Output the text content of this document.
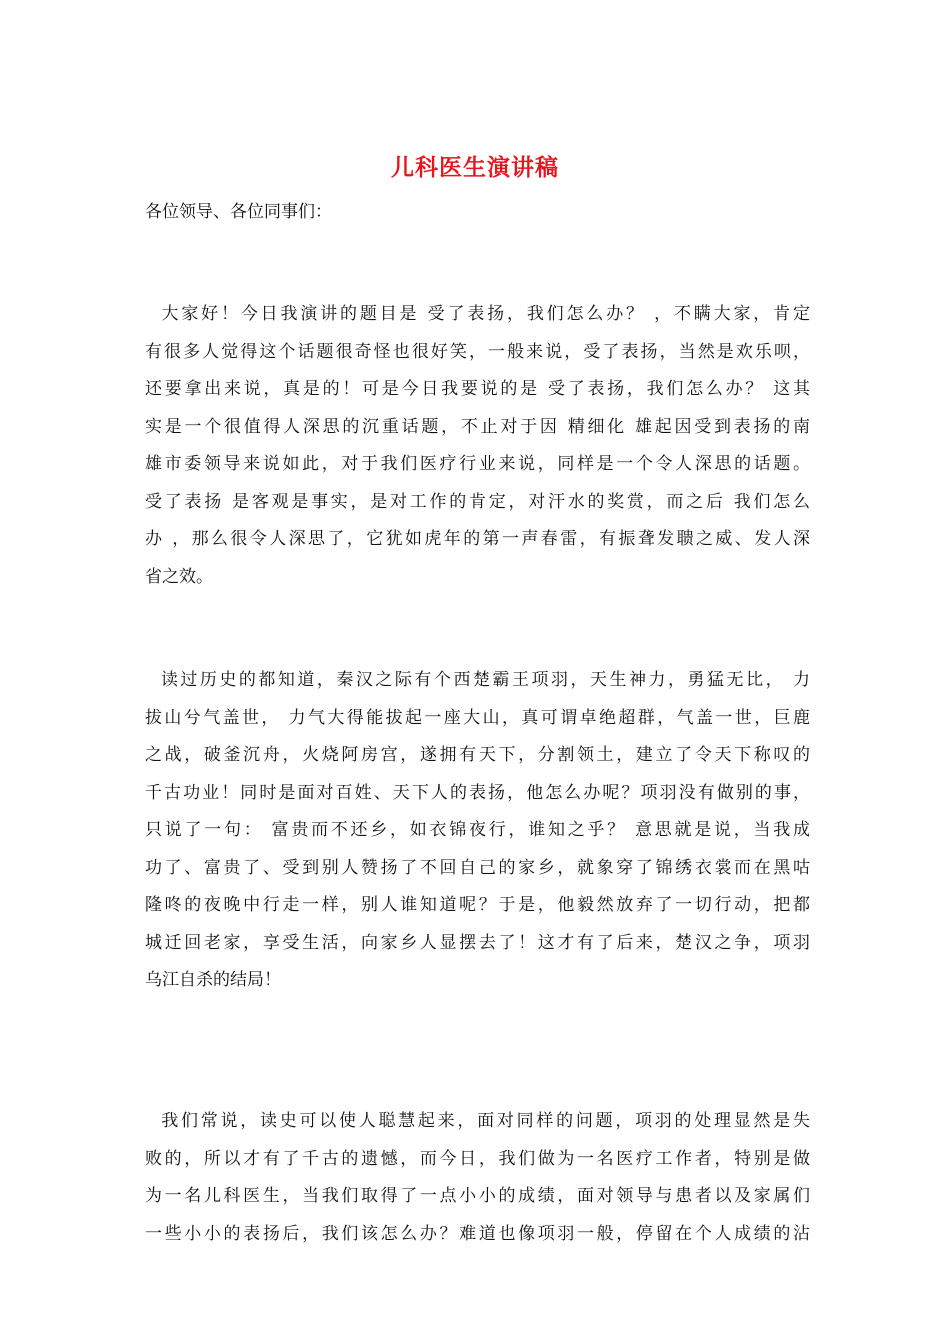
儿科医生演讲稿
各位领导、各位同事们：
大家好！今日我演讲的题目是 受了表扬，我们怎么办？ ，不瞒大家，肯定
有很多人觉得这个话题很奇怪也很好笑，一般来说，受了表扬，当然是欢乐呗，
还要拿出来说，真是的！可是今日我要说的是 受了表扬，我们怎么办？ 这其
实是一个很值得人深思的沉重话题，不止对于因 精细化 雄起因受到表扬的南
雄市委领导来说如此，对于我们医疗行业来说，同样是一个令人深思的话题。
受了表扬 是客观是事实，是对工作的肯定，对汗水的奖赏，而之后 我们怎么
办 ，那么很令人深思了，它犹如虎年的第一声春雷，有振聋发聩之威、发人深
省之效。
读过历史的都知道，秦汉之际有个西楚霸王项羽，天生神力，勇猛无比， 力
拔山兮气盖世， 力气大得能拔起一座大山，真可谓卓绝超群，气盖一世，巨鹿
之战，破釜沉舟，火烧阿房宫，遂拥有天下，分割领土，建立了令天下称叹的
千古功业！同时是面对百姓、天下人的表扬，他怎么办呢？项羽没有做别的事，
只说了一句： 富贵而不还乡，如衣锦夜行，谁知之乎？ 意思就是说，当我成
功了、富贵了、受到别人赞扬了不回自己的家乡，就象穿了锦绣衣裳而在黑咕
隆咚的夜晚中行走一样，别人谁知道呢？于是，他毅然放弃了一切行动，把都
城迁回老家，享受生活，向家乡人显摆去了！这才有了后来，楚汉之争，项羽
乌江自杀的结局！
我们常说，读史可以使人聪慧起来，面对同样的问题，项羽的处理显然是失
败的，所以才有了千古的遗憾，而今日，我们做为一名医疗工作者，特别是做
为一名儿科医生，当我们取得了一点小小的成绩，面对领导与患者以及家属们
一些小小的表扬后，我们该怎么办？难道也像项羽一般，停留在个人成绩的沾
